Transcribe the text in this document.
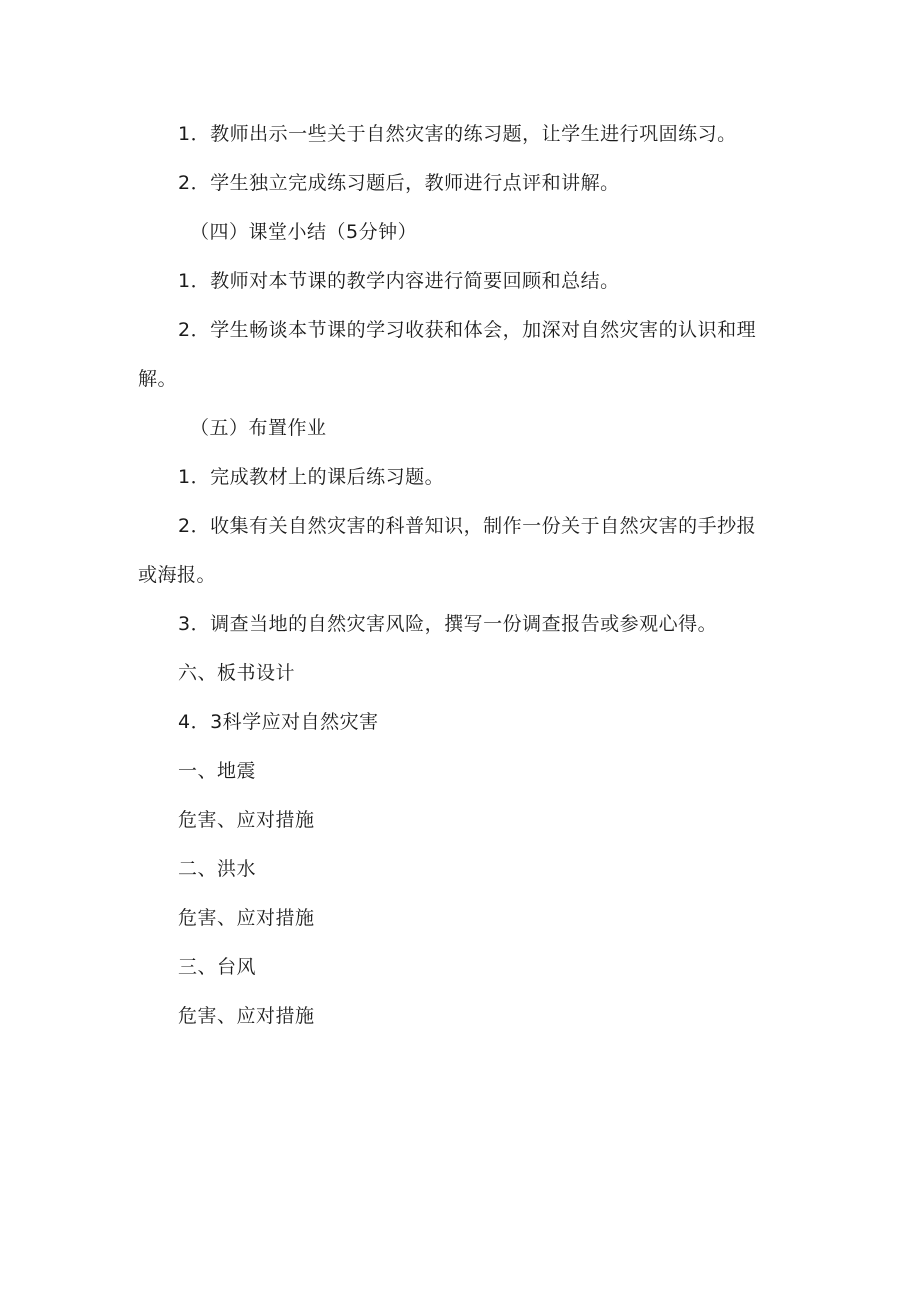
1．教师出示一些关于自然灾害的练习题，让学生进行巩固练习。
2．学生独立完成练习题后，教师进行点评和讲解。
（四）课堂小结（5分钟）
1．教师对本节课的教学内容进行简要回顾和总结。
2．学生畅谈本节课的学习收获和体会，加深对自然灾害的认识和理
解。
（五）布置作业
1．完成教材上的课后练习题。
2．收集有关自然灾害的科普知识，制作一份关于自然灾害的手抄报
或海报。
3．调查当地的自然灾害风险，撰写一份调查报告或参观心得。
六、板书设计
4．3科学应对自然灾害
一、地震
危害、应对措施
二、洪水
危害、应对措施
三、台风
危害、应对措施
